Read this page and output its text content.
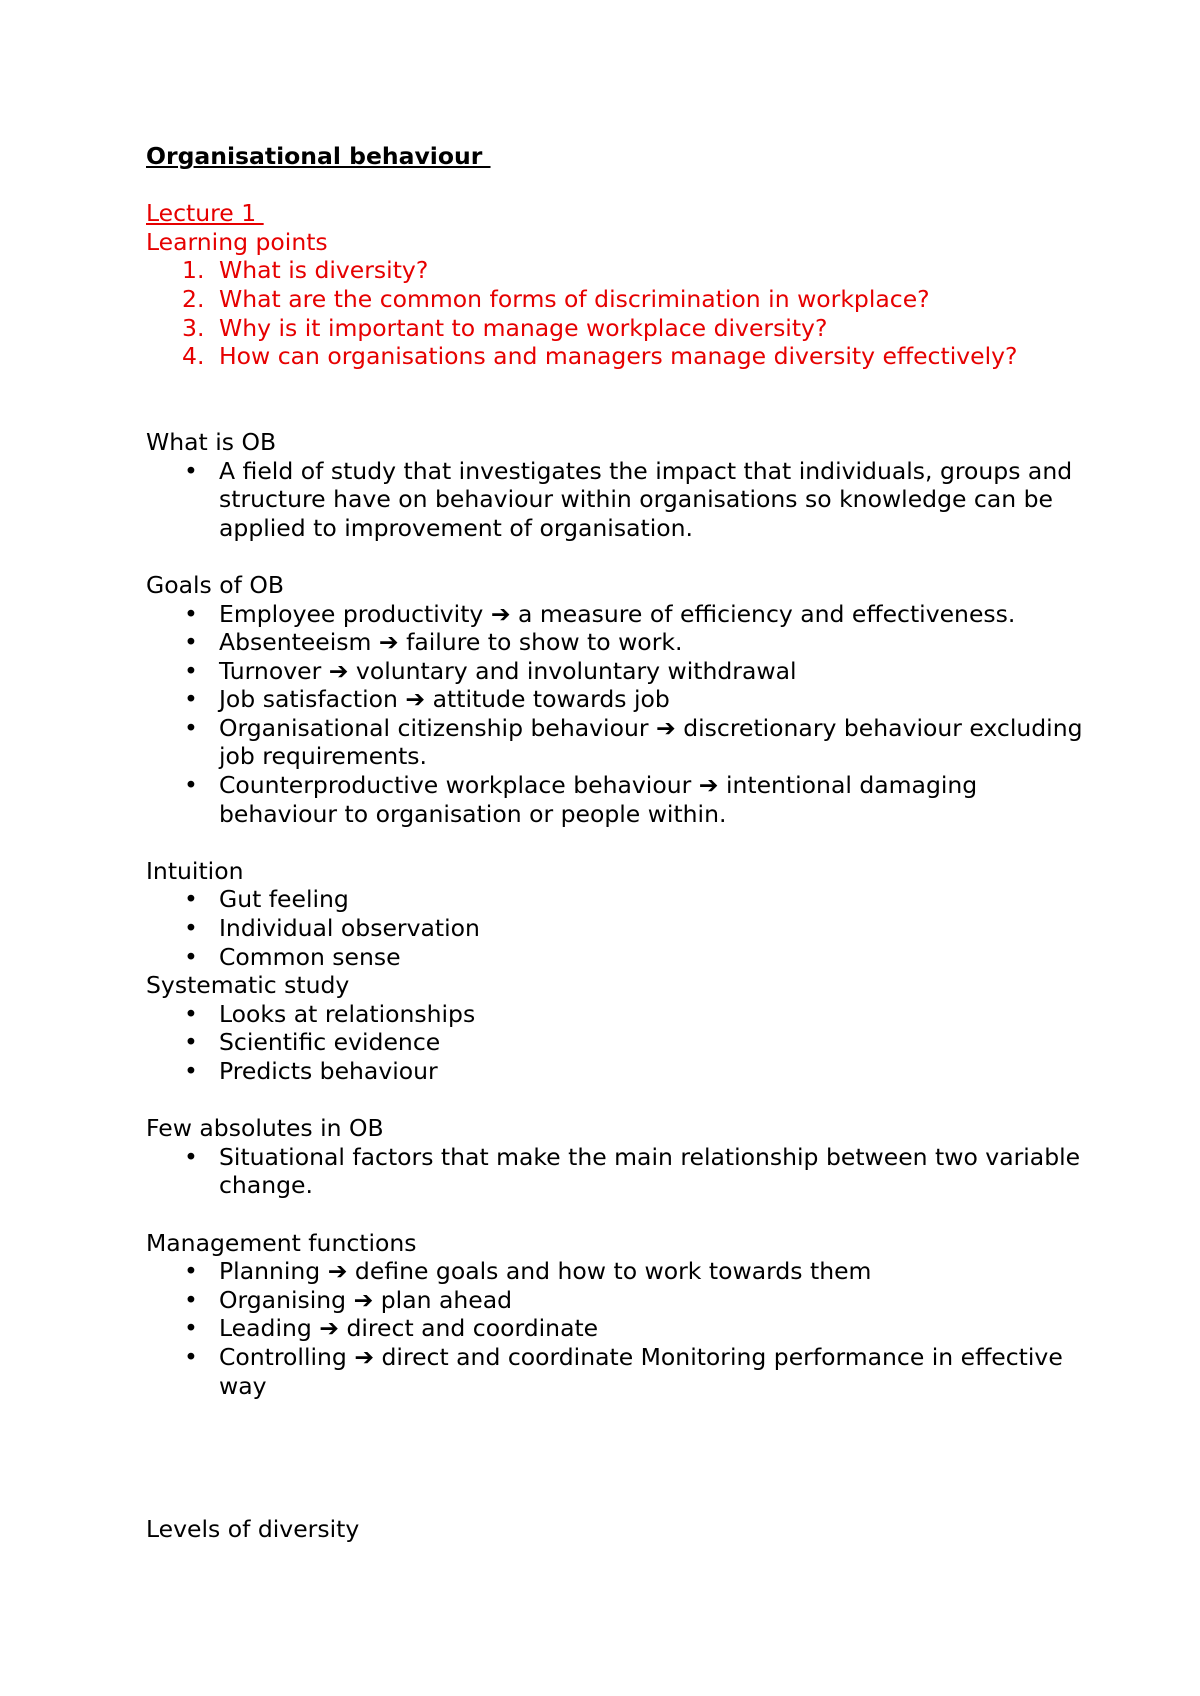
Organisational behaviour
Lecture 1
Learning points
1. What is diversity?
2. What are the common forms of discrimination in workplace?
3. Why is it important to manage workplace diversity?
4. How can organisations and managers manage diversity effectively?
What is OB
• A field of study that investigates the impact that individuals, groups and structure have on behaviour within organisations so knowledge can be applied to improvement of organisation.
Goals of OB
• Employee productivity ➔ a measure of efficiency and effectiveness.
• Absenteeism ➔ failure to show to work.
• Turnover ➔ voluntary and involuntary withdrawal
• Job satisfaction ➔ attitude towards job
• Organisational citizenship behaviour ➔ discretionary behaviour excluding job requirements.
• Counterproductive workplace behaviour ➔ intentional damaging behaviour to organisation or people within.
Intuition
• Gut feeling
• Individual observation
• Common sense
Systematic study
• Looks at relationships
• Scientific evidence
• Predicts behaviour
Few absolutes in OB
• Situational factors that make the main relationship between two variable change.
Management functions
• Planning ➔ define goals and how to work towards them
• Organising ➔ plan ahead
• Leading ➔ direct and coordinate
• Controlling ➔ direct and coordinate Monitoring performance in effective way
Levels of diversity
